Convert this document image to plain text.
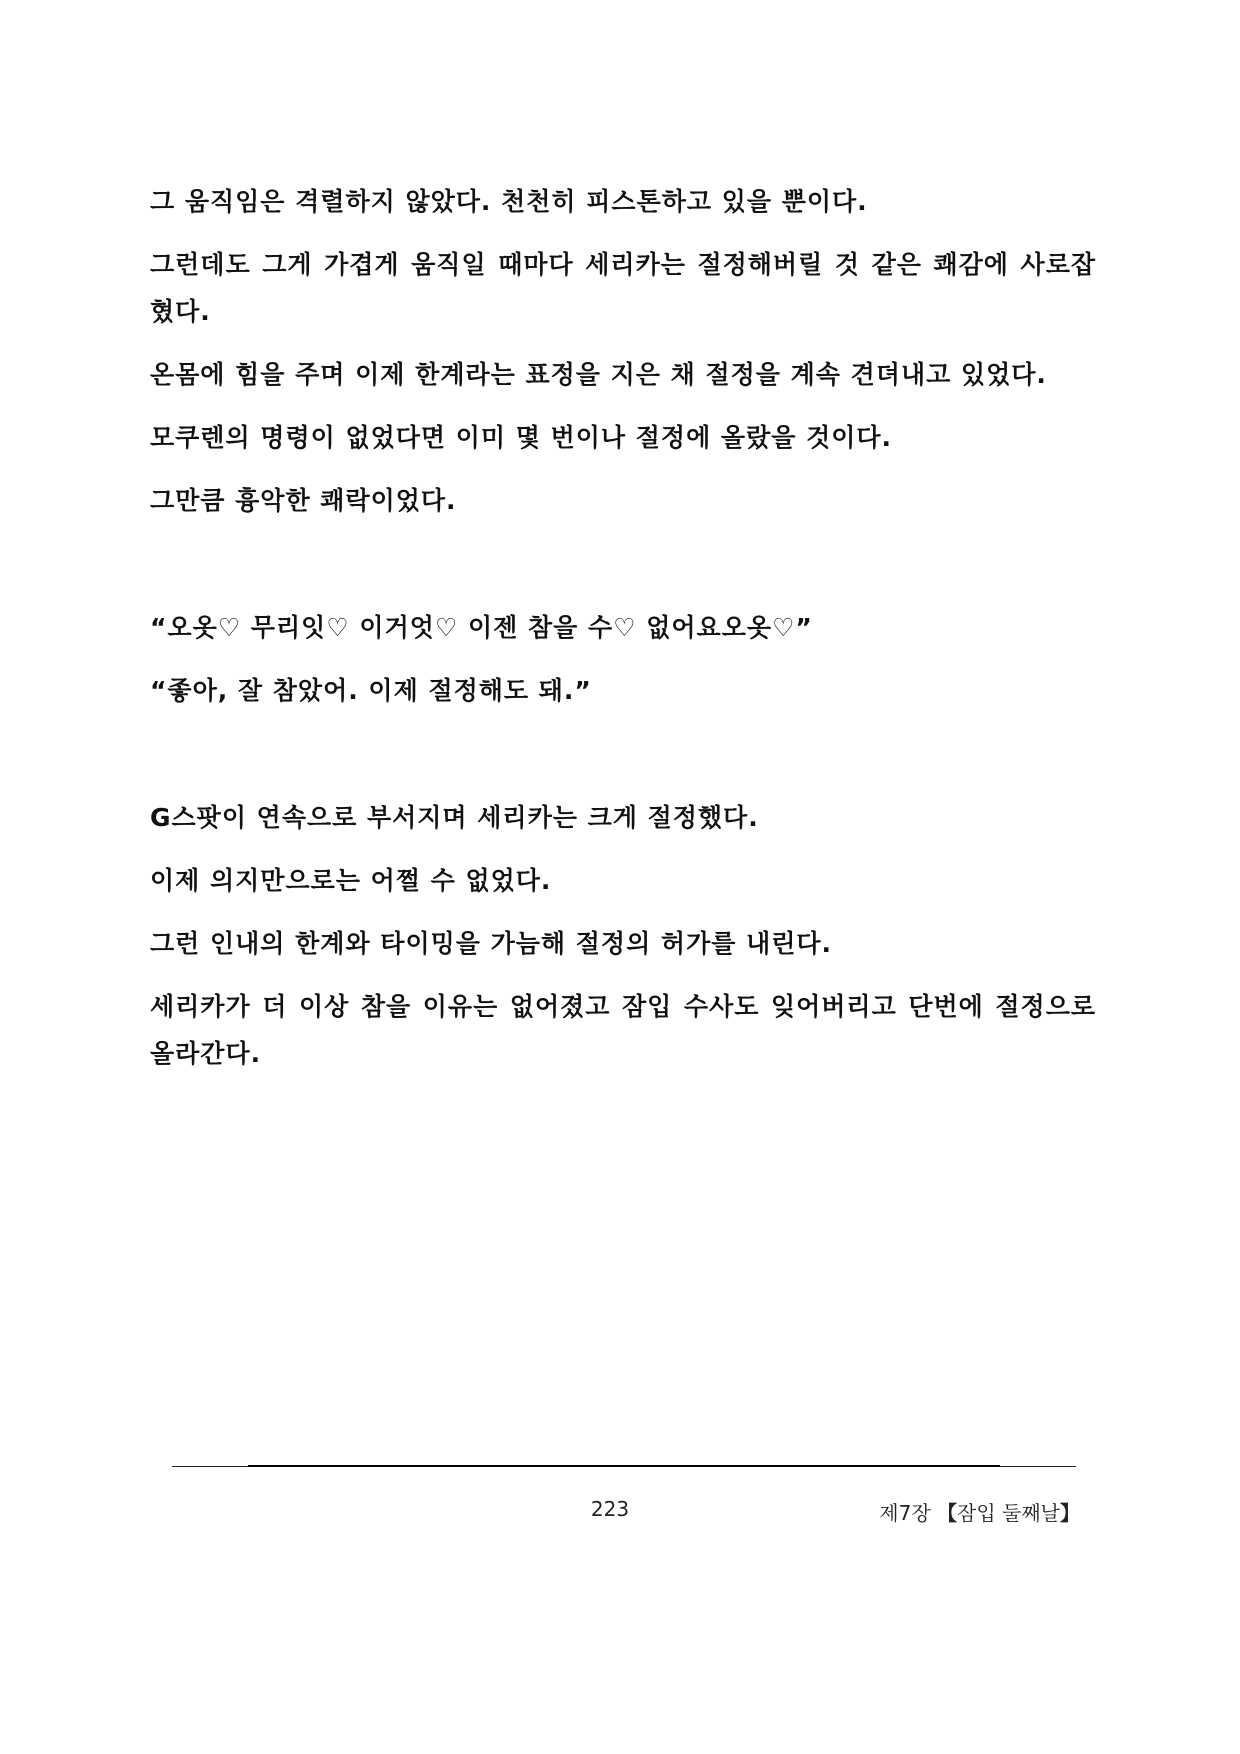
그 움직임은 격렬하지 않았다. 천천히 피스톤하고 있을 뿐이다.

그런데도 그게 가겹게 움직일 때마다 세리카는 절정해버릴 것 같은 쾌감에 사로잡혔다.

온몸에 힘을 주며 이제 한계라는 표정을 지은 채 절정을 계속 견뎌내고 있었다.

모쿠렌의 명령이 없었다면 이미 몇 번이나 절정에 올랐을 것이다.

그만큼 흉악한 쾌락이었다.

“오옷♡ 무리잇♡ 이거엇♡ 이젠 참을 수♡ 없어요오옷♡”

“좋아, 잘 참았어. 이제 절정해도 돼.”

G스팟이 연속으로 부서지며 세리카는 크게 절정했다.

이제 의지만으로는 어쩔 수 없었다.

그런 인내의 한계와 타이밍을 가늠해 절정의 허가를 내린다.

세리카가 더 이상 참을 이유는 없어졌고 잠입 수사도 잊어버리고 단번에 절정으로 올라간다.

223	제7장 【잠입 둘째날】
